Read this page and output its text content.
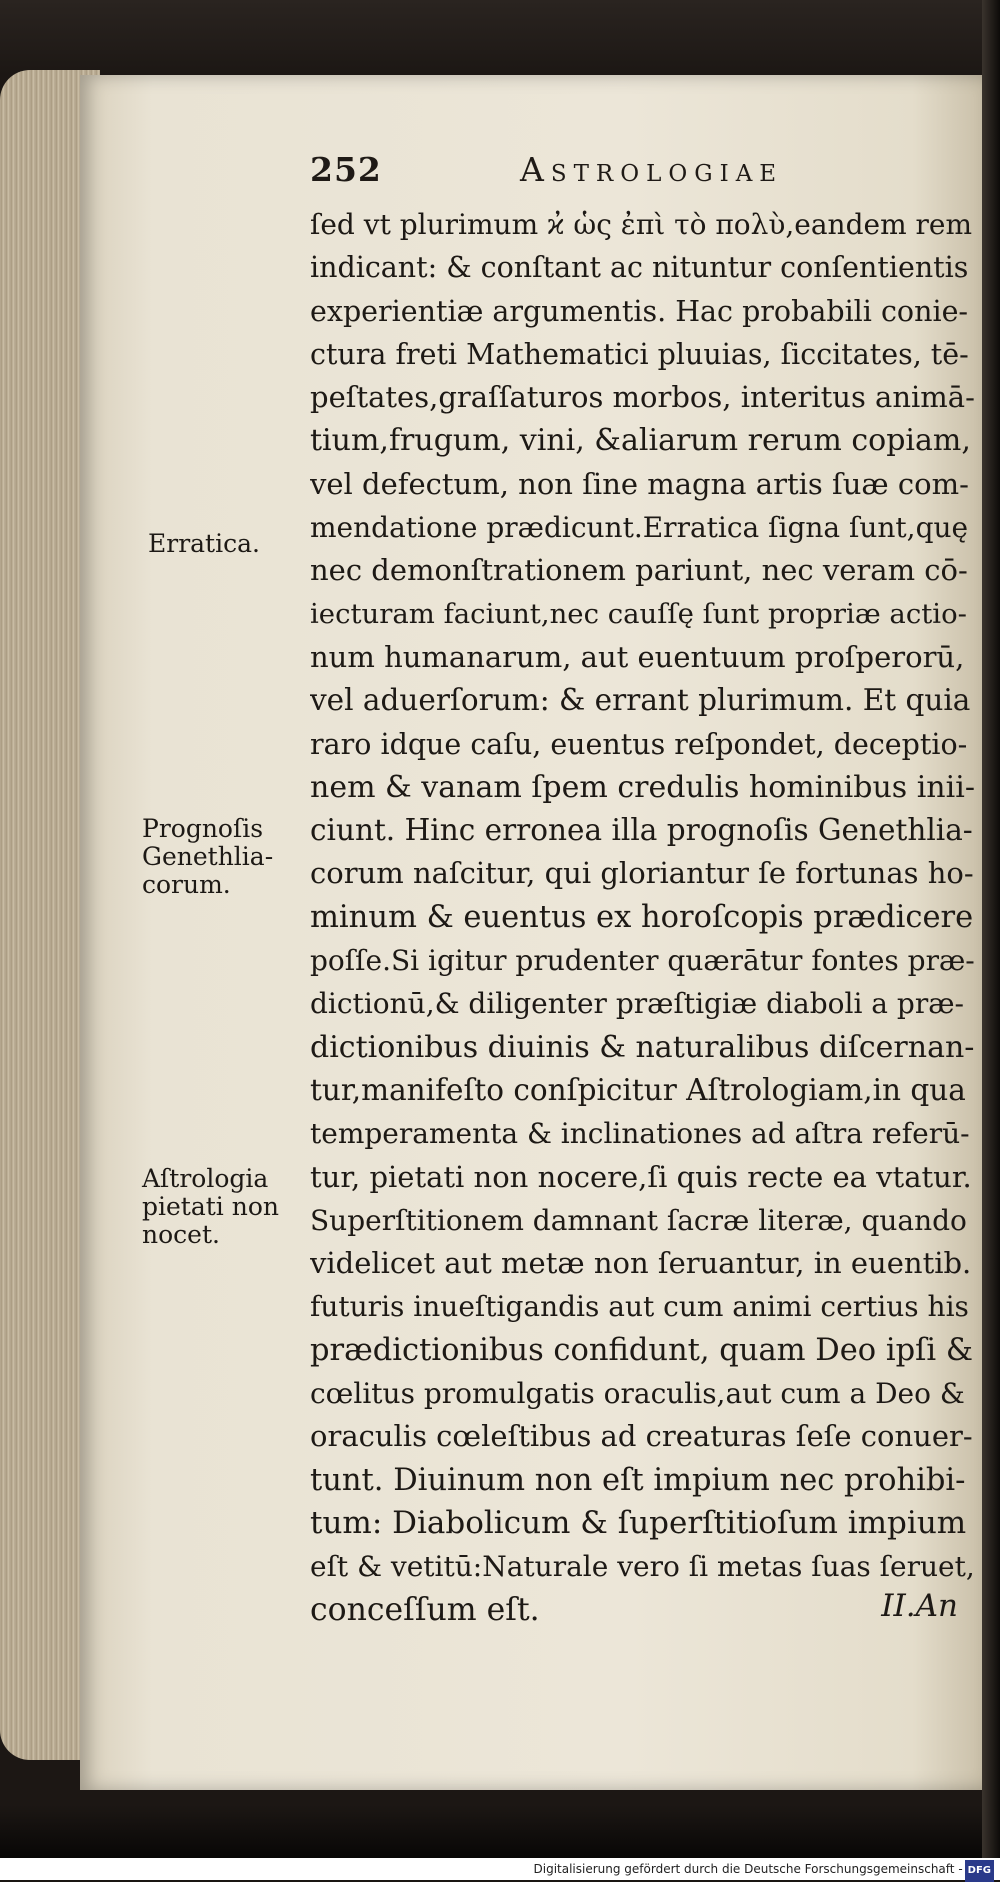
252	Astrologiae
ſed vt plurimum ϰ̓ ὡς ἐπὶ τὸ πολὺ,eandem rem
indicant: & conſtant ac nituntur conſentientis
experientiæ argumentis. Hac probabili conie-
ctura freti Mathematici pluuias, ſiccitates, tē-
peſtates,graſſaturos morbos, interitus animā-
tium,frugum, vini, &aliarum rerum copiam,
vel defectum, non ſine magna artis ſuæ com-
mendatione prædicunt.Erratica ſigna ſunt,quę
nec demonſtrationem pariunt, nec veram cō-
iecturam faciunt,nec cauſſę ſunt propriæ actio-
num humanarum, aut euentuum proſperorū,
vel aduerſorum: & errant plurimum. Et quia
raro idque caſu, euentus reſpondet, deceptio-
nem & vanam ſpem credulis hominibus inii-
ciunt. Hinc erronea illa prognoſis Genethlia-
corum naſcitur, qui gloriantur ſe fortunas ho-
minum & euentus ex horoſcopis prædicere
poſſe.Si igitur prudenter quærātur fontes præ-
dictionū,& diligenter præſtigiæ diaboli a præ-
dictionibus diuinis & naturalibus diſcernan-
tur,manifeſto conſpicitur Aſtrologiam,in qua
temperamenta & inclinationes ad aſtra referū-
tur, pietati non nocere,ſi quis recte ea vtatur.
Superſtitionem damnant ſacræ literæ, quando
videlicet aut metæ non ſeruantur, in euentib.
futuris inueſtigandis aut cum animi certius his
prædictionibus confidunt, quam Deo ipſi &
cœlitus promulgatis oraculis,aut cum a Deo &
oraculis cœleſtibus ad creaturas ſeſe conuer-
tunt. Diuinum non eſt impium nec prohibi-
tum: Diabolicum & ſuperſtitioſum impium
eſt & vetitū:Naturale vero ſi metas ſuas ſeruet,
conceſſum eſt.	II.An
Erratica.
Prognoſis
Genethlia-
corum.
Aſtrologia
pietati non
nocet.
Digitalisierung gefördert durch die Deutsche Forschungsgemeinschaft - DFG
